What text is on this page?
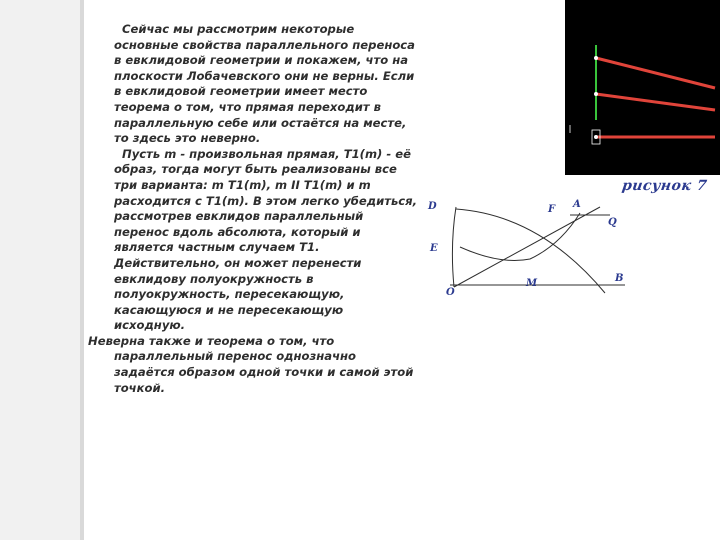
Сейчас мы рассмотрим некоторые основные свойства параллельного переноса в евклидовой геометрии и покажем, что на плоскости Лобачевского они не верны. Если в евклидовой геометрии имеет место теорема о том, что прямая переходит в параллельную себе или остаётся на месте, то здесь это неверно.

Пусть m - произвольная прямая, T1(m) - её образ, тогда могут быть реализованы все три варианта: m T1(m), m II T1(m) и m расходится с T1(m). В этом легко убедиться, рассмотрев евклидов параллельный перенос вдоль абсолюта, который и является частным случаем T1. Действительно, он может перенести евклидову полуокружность в полуокружность, пересекающую, касающуюся и не пересекающую исходную.

Неверна также и теорема о том, что параллельный перенос однозначно задаётся образом одной точки и самой этой точкой.

рисунок 7
D	F A
Q
E
O
M	B
